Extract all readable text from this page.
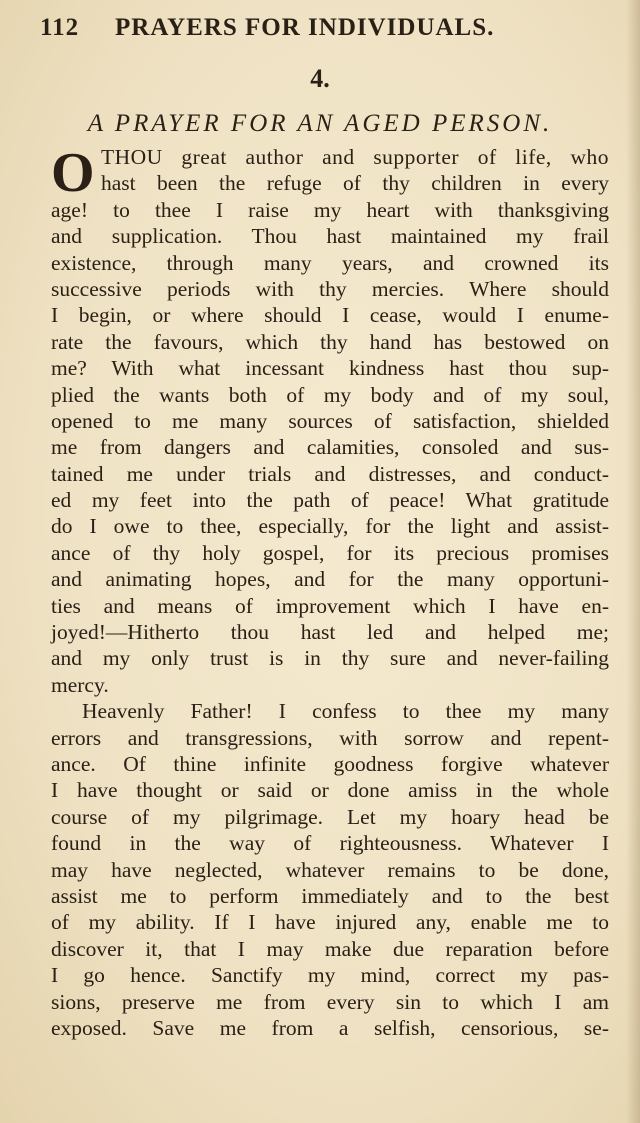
112 PRAYERS FOR INDIVIDUALS.
4.
A PRAYER FOR AN AGED PERSON.
O THOU great author and supporter of life, who
hast been the refuge of thy children in every
age! to thee I raise my heart with thanksgiving
and supplication. Thou hast maintained my frail
existence, through many years, and crowned its
successive periods with thy mercies. Where should
I begin, or where should I cease, would I enume-
rate the favours, which thy hand has bestowed on
me? With what incessant kindness hast thou sup-
plied the wants both of my body and of my soul,
opened to me many sources of satisfaction, shielded
me from dangers and calamities, consoled and sus-
tained me under trials and distresses, and conduct-
ed my feet into the path of peace! What gratitude
do I owe to thee, especially, for the light and assist-
ance of thy holy gospel, for its precious promises
and animating hopes, and for the many opportuni-
ties and means of improvement which I have en-
joyed!—Hitherto thou hast led and helped me;
and my only trust is in thy sure and never-failing
mercy.
Heavenly Father! I confess to thee my many
errors and transgressions, with sorrow and repent-
ance. Of thine infinite goodness forgive whatever
I have thought or said or done amiss in the whole
course of my pilgrimage. Let my hoary head be
found in the way of righteousness. Whatever I
may have neglected, whatever remains to be done,
assist me to perform immediately and to the best
of my ability. If I have injured any, enable me to
discover it, that I may make due reparation before
I go hence. Sanctify my mind, correct my pas-
sions, preserve me from every sin to which I am
exposed. Save me from a selfish, censorious, se-
